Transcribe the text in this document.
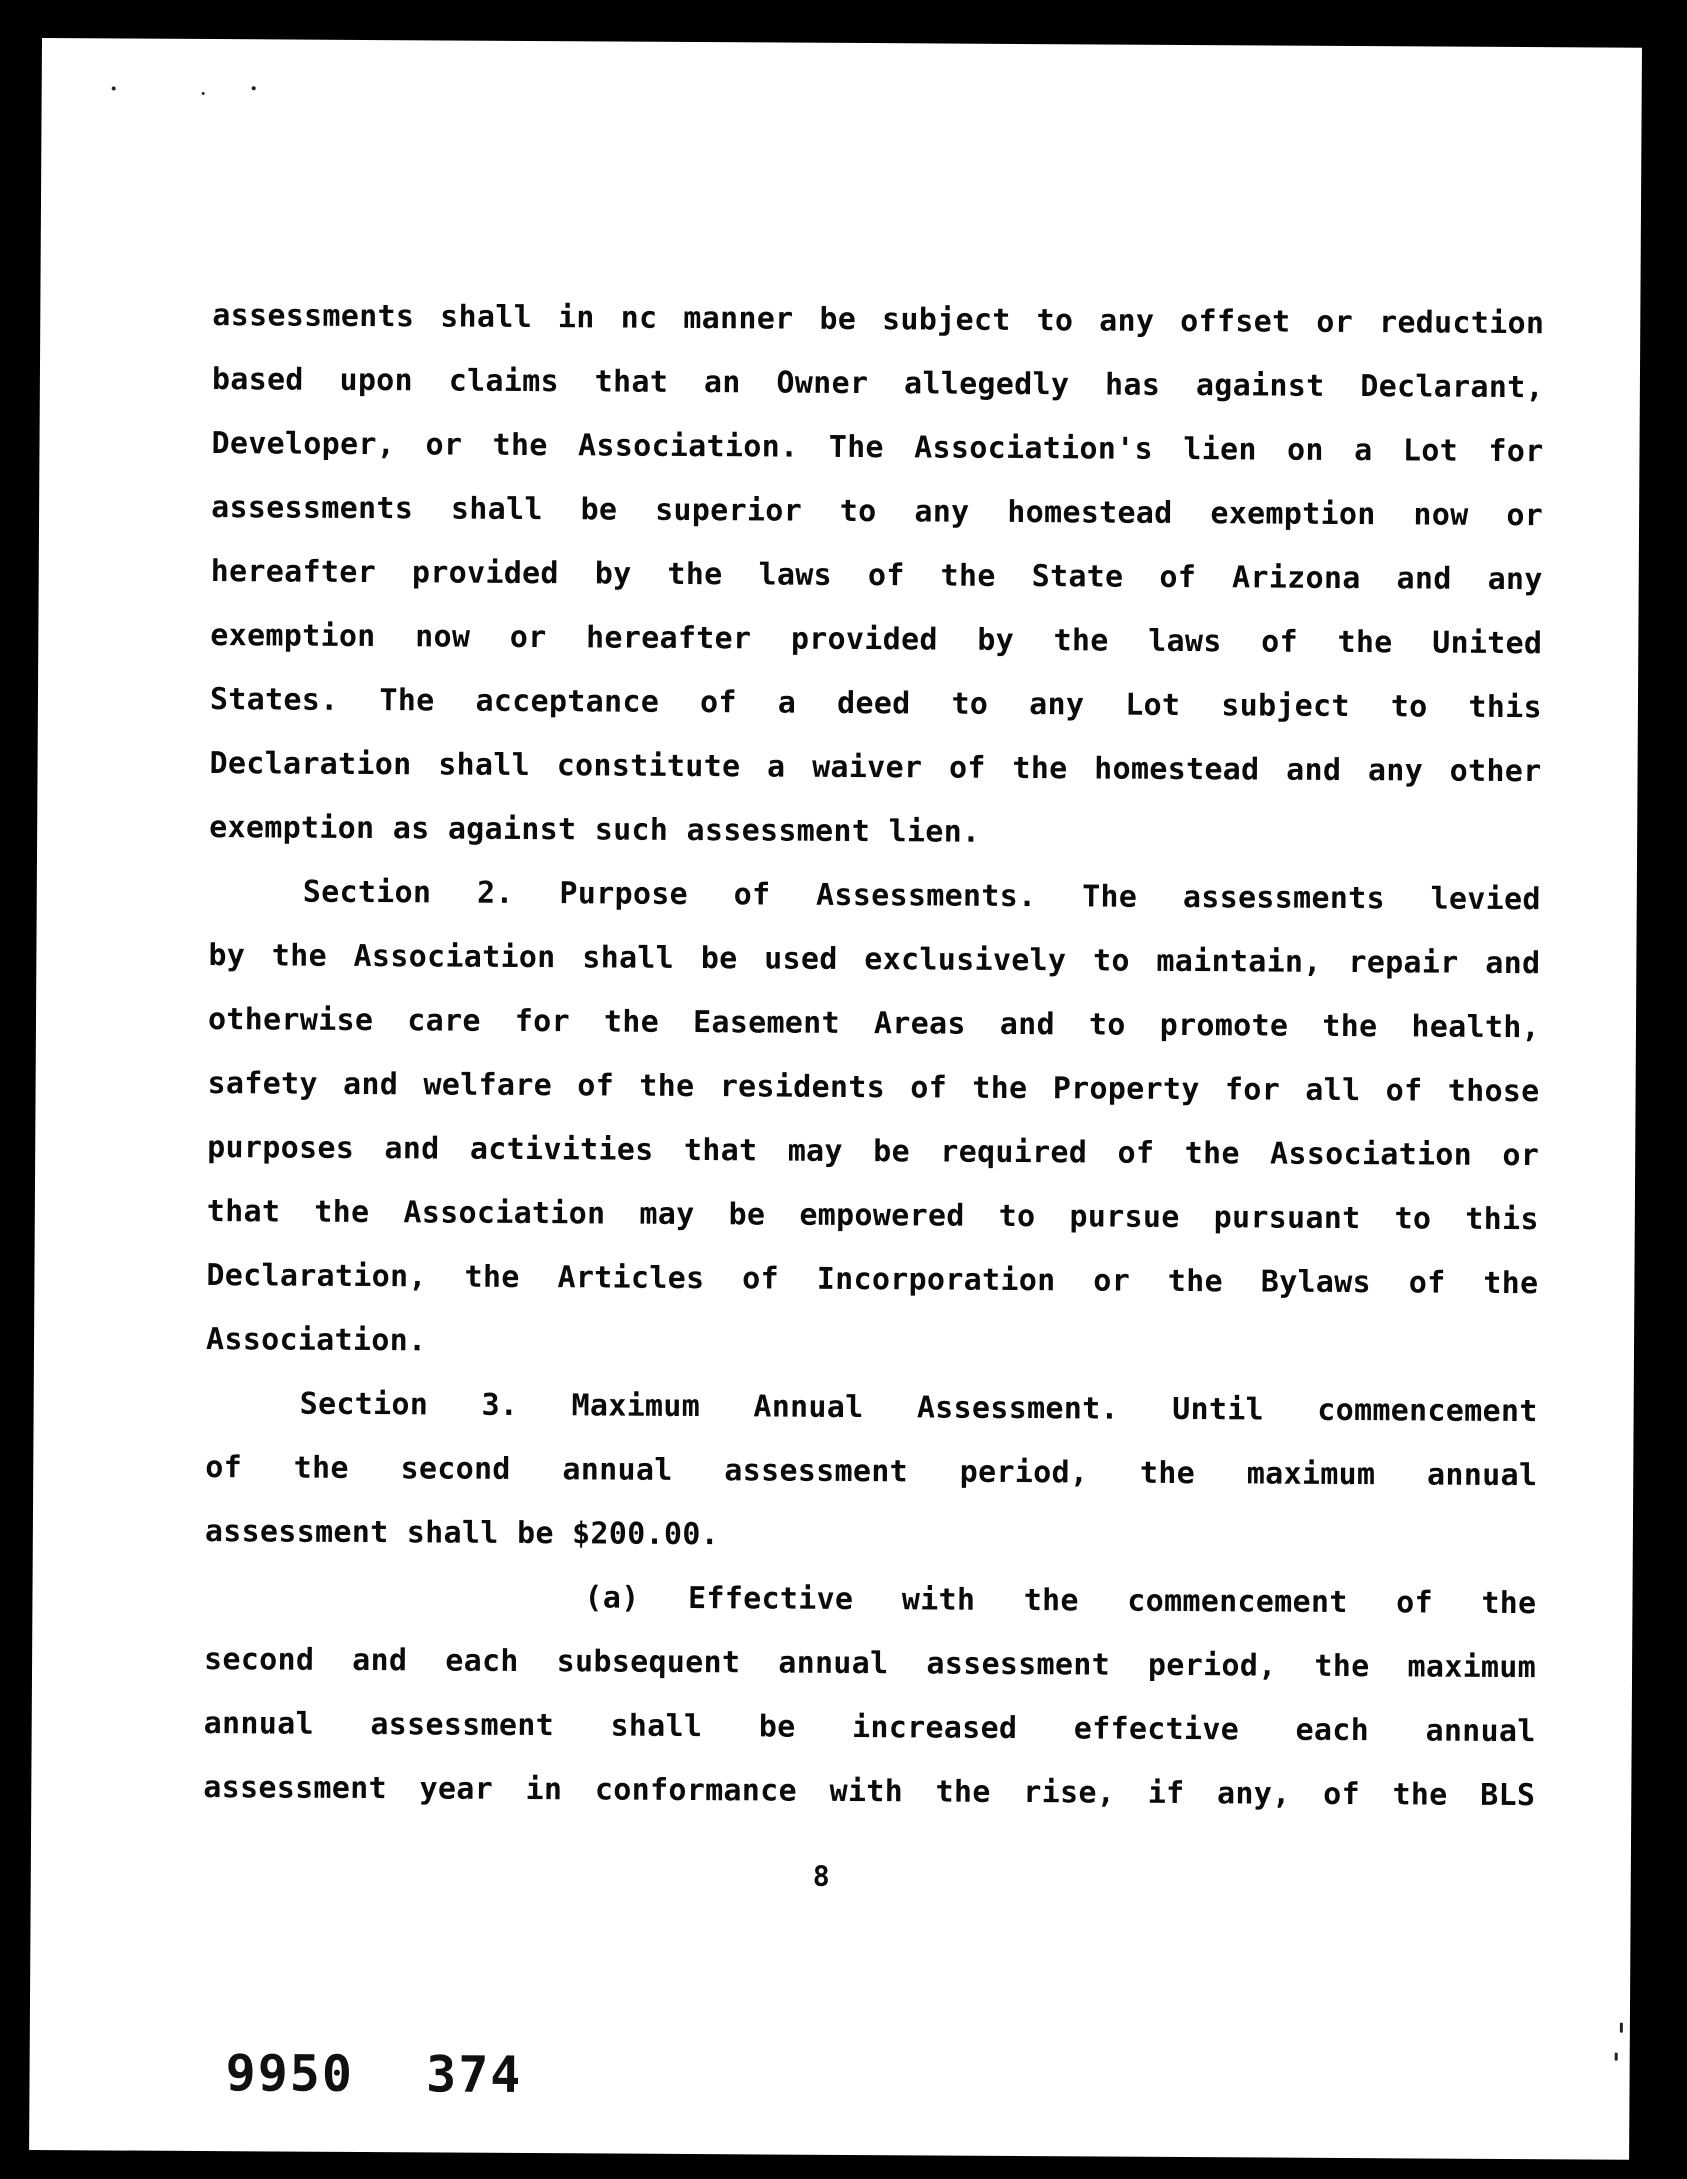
assessments shall in nc manner be subject to any offset or reduction
based upon claims that an Owner allegedly has against Declarant,
Developer, or the Association. The Association's lien on a Lot for
assessments shall be superior to any homestead exemption now or
hereafter provided by the laws of the State of Arizona and any
exemption now or hereafter provided by the laws of the United
States. The acceptance of a deed to any Lot subject to this
Declaration shall constitute a waiver of the homestead and any other
exemption as against such assessment lien.
Section 2. Purpose of Assessments. The assessments levied
by the Association shall be used exclusively to maintain, repair and
otherwise care for the Easement Areas and to promote the health,
safety and welfare of the residents of the Property for all of those
purposes and activities that may be required of the Association or
that the Association may be empowered to pursue pursuant to this
Declaration, the Articles of Incorporation or the Bylaws of the
Association.
Section 3. Maximum Annual Assessment. Until commencement
of the second annual assessment period, the maximum annual
assessment shall be $200.00.
(a) Effective with the commencement of the
second and each subsequent annual assessment period, the maximum
annual assessment shall be increased effective each annual
assessment year in conformance with the rise, if any, of the BLS
8
9950 374
